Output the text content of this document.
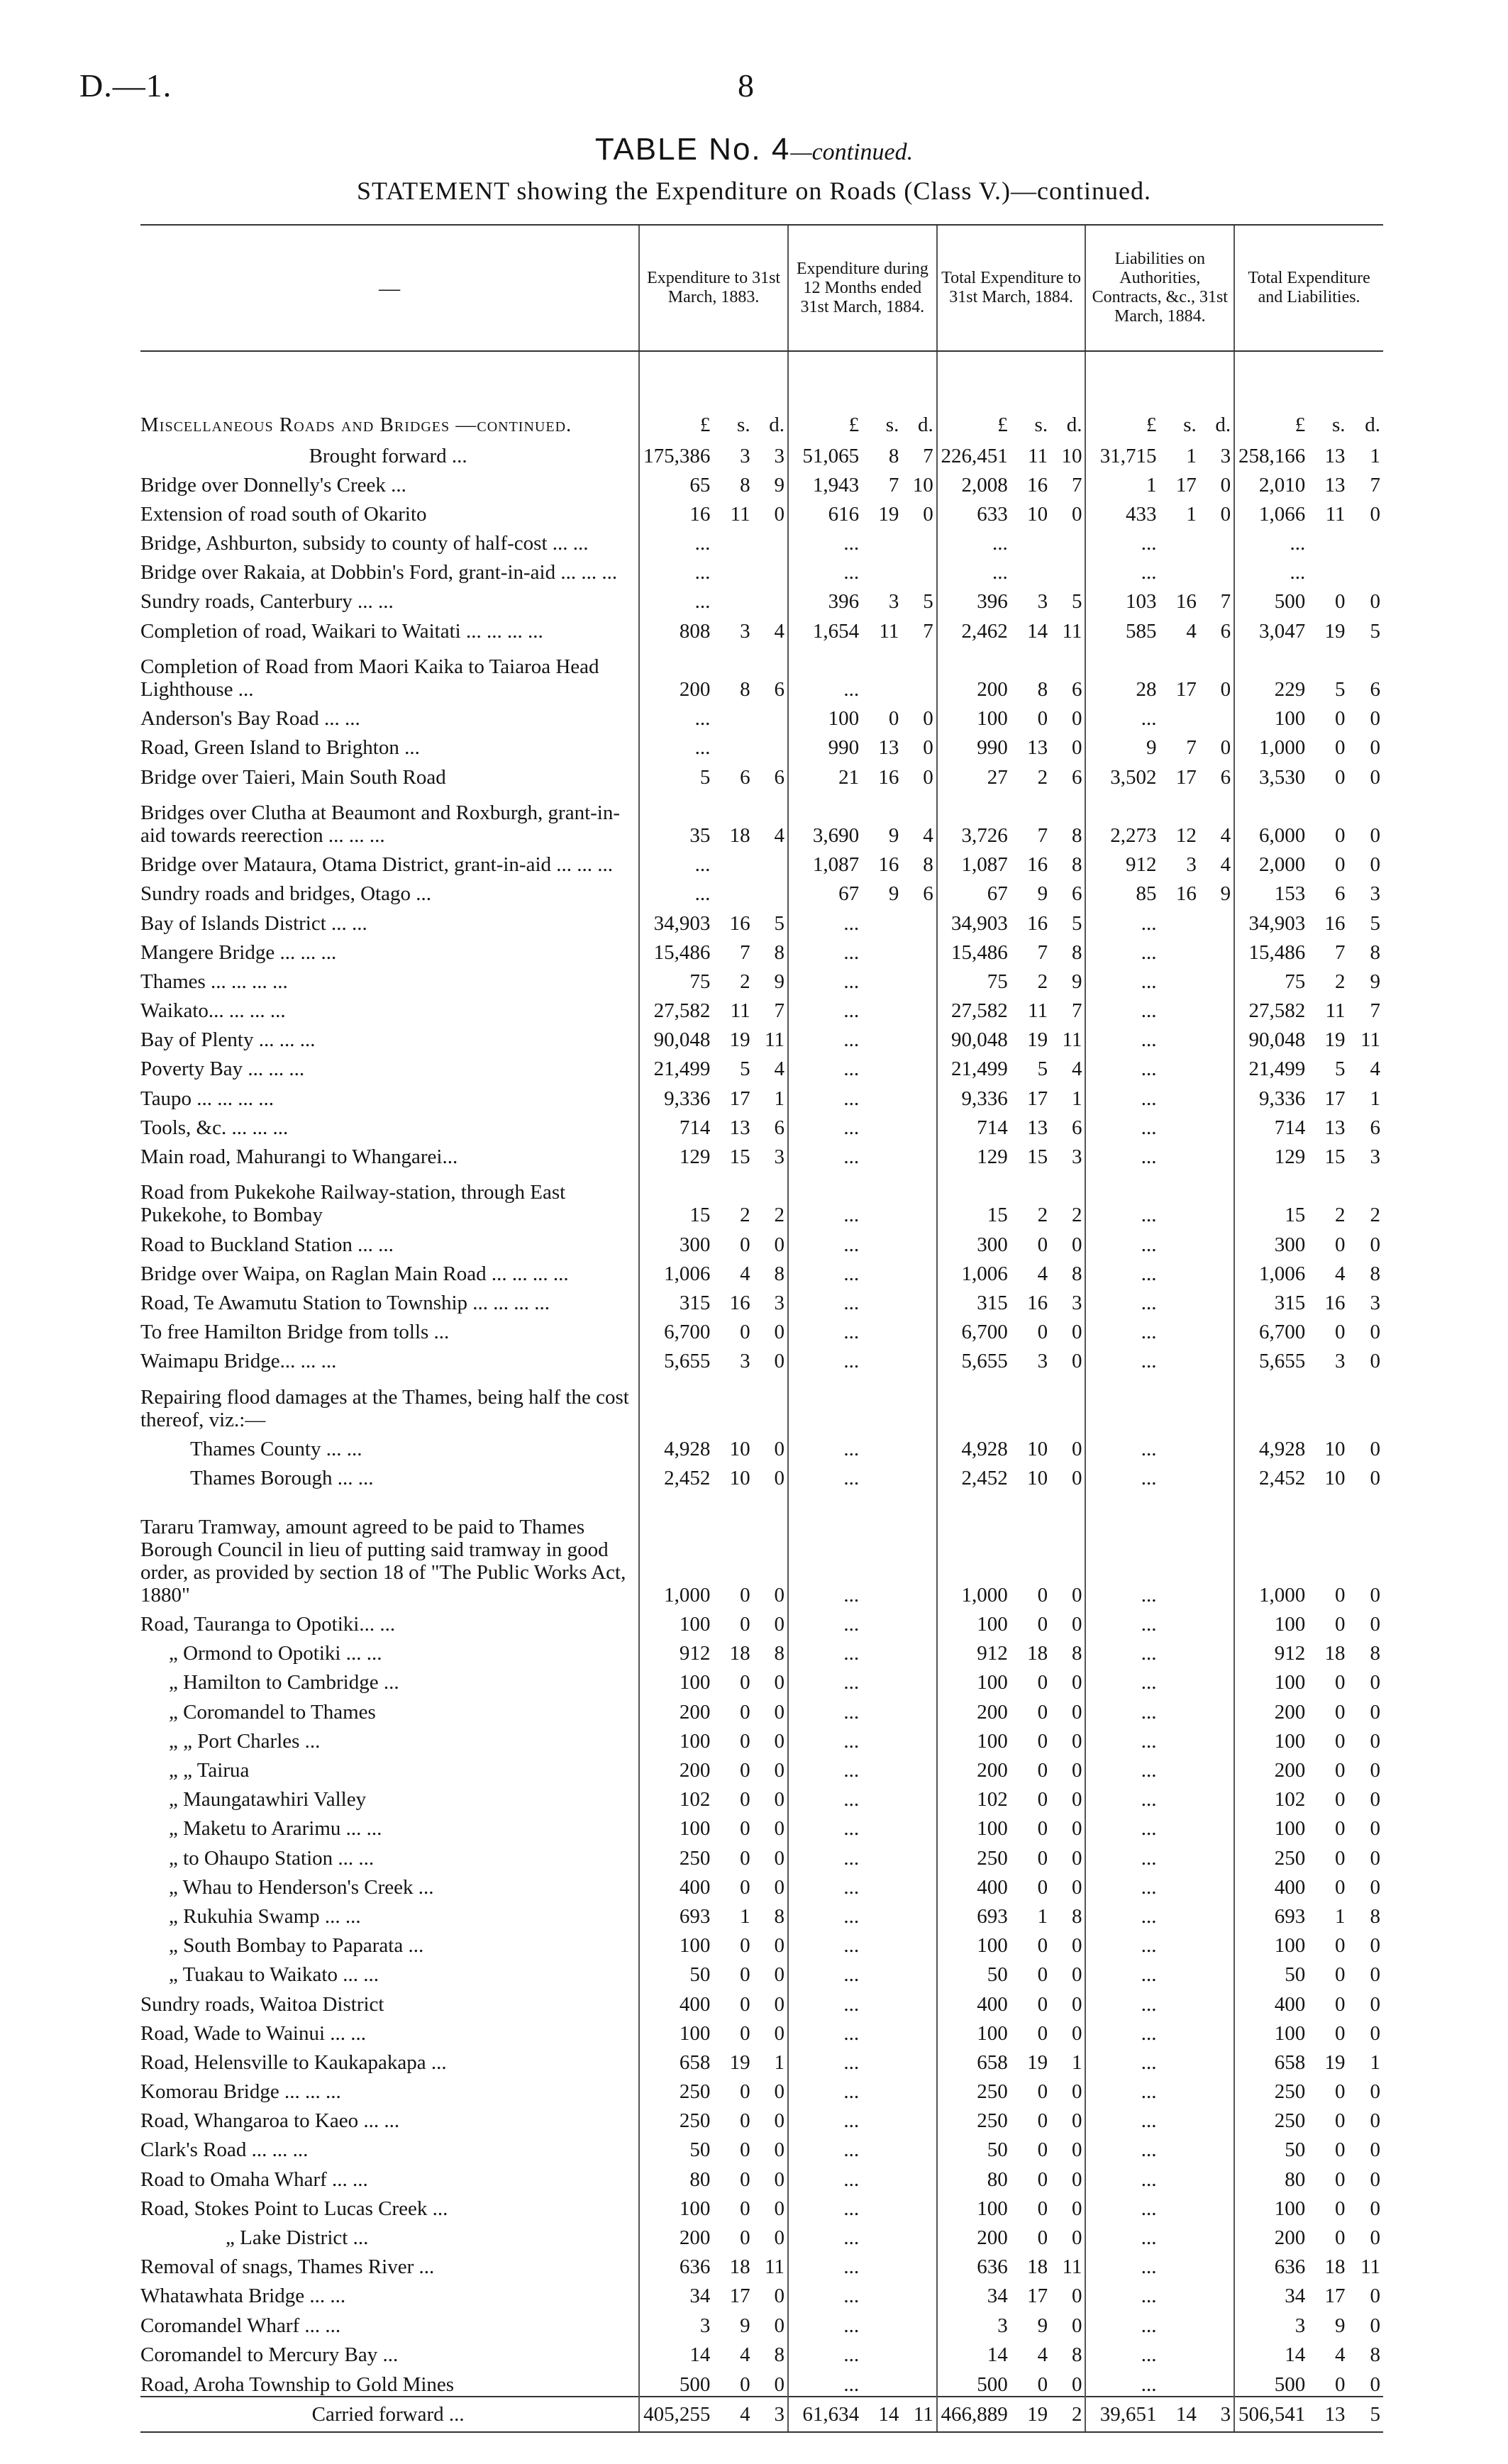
D.—1.	8
TABLE No. 4—continued.
STATEMENT showing the Expenditure on Roads (Class V.)—continued.
—	Expenditure to 31st March, 1883.			Expenditure during 12 Months ended 31st March, 1884.			Total Expenditure to 31st March, 1884.			Liabilities on Authorities, Contracts, &c., 31st March, 1884.			Total Expenditure and Liabilities.		
Miscellaneous Roads and Bridges —continued.	£	s.	d.	£	s.	d.	£	s.	d.	£	s.	d.	£	s.	d.
Brought forward ...	175,386	3	3	51,065	8	7	226,451	11	10	31,715	1	3	258,166	13	1
Bridge over Donnelly's Creek ...	65	8	9	1,943	7	10	2,008	16	7	1	17	0	2,010	13	7
Extension of road south of Okarito	16	11	0	616	19	0	633	10	0	433	1	0	1,066	11	0
Bridge, Ashburton, subsidy to county of half-cost ... ...	...			...			...			...			...		
Bridge over Rakaia, at Dobbin's Ford, grant-in-aid ... ... ...	...			...			...			...			...		
Sundry roads, Canterbury ... ...	...			396	3	5	396	3	5	103	16	7	500	0	0
Completion of road, Waikari to Waitati ... ... ... ...	808	3	4	1,654	11	7	2,462	14	11	585	4	6	3,047	19	5
Completion of Road from Maori Kaika to Taiaroa Head Lighthouse ...	200	8	6	...			200	8	6	28	17	0	229	5	6
Anderson's Bay Road ... ...	...			100	0	0	100	0	0	...			100	0	0
Road, Green Island to Brighton ...	...			990	13	0	990	13	0	9	7	0	1,000	0	0
Bridge over Taieri, Main South Road	5	6	6	21	16	0	27	2	6	3,502	17	6	3,530	0	0
Bridges over Clutha at Beaumont and Roxburgh, grant-in-aid towards reerection ... ... ...	35	18	4	3,690	9	4	3,726	7	8	2,273	12	4	6,000	0	0
Bridge over Mataura, Otama District, grant-in-aid ... ... ...	...			1,087	16	8	1,087	16	8	912	3	4	2,000	0	0
Sundry roads and bridges, Otago ...	...			67	9	6	67	9	6	85	16	9	153	6	3
Bay of Islands District ... ...	34,903	16	5	...			34,903	16	5	...			34,903	16	5
Mangere Bridge ... ... ...	15,486	7	8	...			15,486	7	8	...			15,486	7	8
Thames ... ... ... ...	75	2	9	...			75	2	9	...			75	2	9
Waikato... ... ... ...	27,582	11	7	...			27,582	11	7	...			27,582	11	7
Bay of Plenty ... ... ...	90,048	19	11	...			90,048	19	11	...			90,048	19	11
Poverty Bay ... ... ...	21,499	5	4	...			21,499	5	4	...			21,499	5	4
Taupo ... ... ... ...	9,336	17	1	...			9,336	17	1	...			9,336	17	1
Tools, &c. ... ... ...	714	13	6	...			714	13	6	...			714	13	6
Main road, Mahurangi to Whangarei...	129	15	3	...			129	15	3	...			129	15	3
Road from Pukekohe Railway-station, through East Pukekohe, to Bombay	15	2	2	...			15	2	2	...			15	2	2
Road to Buckland Station ... ...	300	0	0	...			300	0	0	...			300	0	0
Bridge over Waipa, on Raglan Main Road ... ... ... ...	1,006	4	8	...			1,006	4	8	...			1,006	4	8
Road, Te Awamutu Station to Township ... ... ... ...	315	16	3	...			315	16	3	...			315	16	3
To free Hamilton Bridge from tolls ...	6,700	0	0	...			6,700	0	0	...			6,700	0	0
Waimapu Bridge... ... ...	5,655	3	0	...			5,655	3	0	...			5,655	3	0
Repairing flood damages at the Thames, being half the cost thereof, viz.:—															
Thames County ... ...	4,928	10	0	...			4,928	10	0	...			4,928	10	0
Thames Borough ... ...	2,452	10	0	...			2,452	10	0	...			2,452	10	0
Tararu Tramway, amount agreed to be paid to Thames Borough Council in lieu of putting said tramway in good order, as provided by section 18 of "The Public Works Act, 1880"	1,000	0	0	...			1,000	0	0	...			1,000	0	0
Road, Tauranga to Opotiki... ...	100	0	0	...			100	0	0	...			100	0	0
„ Ormond to Opotiki ... ...	912	18	8	...			912	18	8	...			912	18	8
„ Hamilton to Cambridge ...	100	0	0	...			100	0	0	...			100	0	0
„ Coromandel to Thames	200	0	0	...			200	0	0	...			200	0	0
„ „ Port Charles ...	100	0	0	...			100	0	0	...			100	0	0
„ „ Tairua	200	0	0	...			200	0	0	...			200	0	0
„ Maungatawhiri Valley	102	0	0	...			102	0	0	...			102	0	0
„ Maketu to Ararimu ... ...	100	0	0	...			100	0	0	...			100	0	0
„ to Ohaupo Station ... ...	250	0	0	...			250	0	0	...			250	0	0
„ Whau to Henderson's Creek ...	400	0	0	...			400	0	0	...			400	0	0
„ Rukuhia Swamp ... ...	693	1	8	...			693	1	8	...			693	1	8
„ South Bombay to Paparata ...	100	0	0	...			100	0	0	...			100	0	0
„ Tuakau to Waikato ... ...	50	0	0	...			50	0	0	...			50	0	0
Sundry roads, Waitoa District	400	0	0	...			400	0	0	...			400	0	0
Road, Wade to Wainui ... ...	100	0	0	...			100	0	0	...			100	0	0
Road, Helensville to Kaukapakapa ...	658	19	1	...			658	19	1	...			658	19	1
Komorau Bridge ... ... ...	250	0	0	...			250	0	0	...			250	0	0
Road, Whangaroa to Kaeo ... ...	250	0	0	...			250	0	0	...			250	0	0
Clark's Road ... ... ...	50	0	0	...			50	0	0	...			50	0	0
Road to Omaha Wharf ... ...	80	0	0	...			80	0	0	...			80	0	0
Road, Stokes Point to Lucas Creek ...	100	0	0	...			100	0	0	...			100	0	0
„ Lake District ...	200	0	0	...			200	0	0	...			200	0	0
Removal of snags, Thames River ...	636	18	11	...			636	18	11	...			636	18	11
Whatawhata Bridge ... ...	34	17	0	...			34	17	0	...			34	17	0
Coromandel Wharf ... ...	3	9	0	...			3	9	0	...			3	9	0
Coromandel to Mercury Bay ...	14	4	8	...			14	4	8	...			14	4	8
Road, Aroha Township to Gold Mines	500	0	0	...			500	0	0	...			500	0	0
Carried forward ...	405,255	4	3	61,634	14	11	466,889	19	2	39,651	14	3	506,541	13	5
